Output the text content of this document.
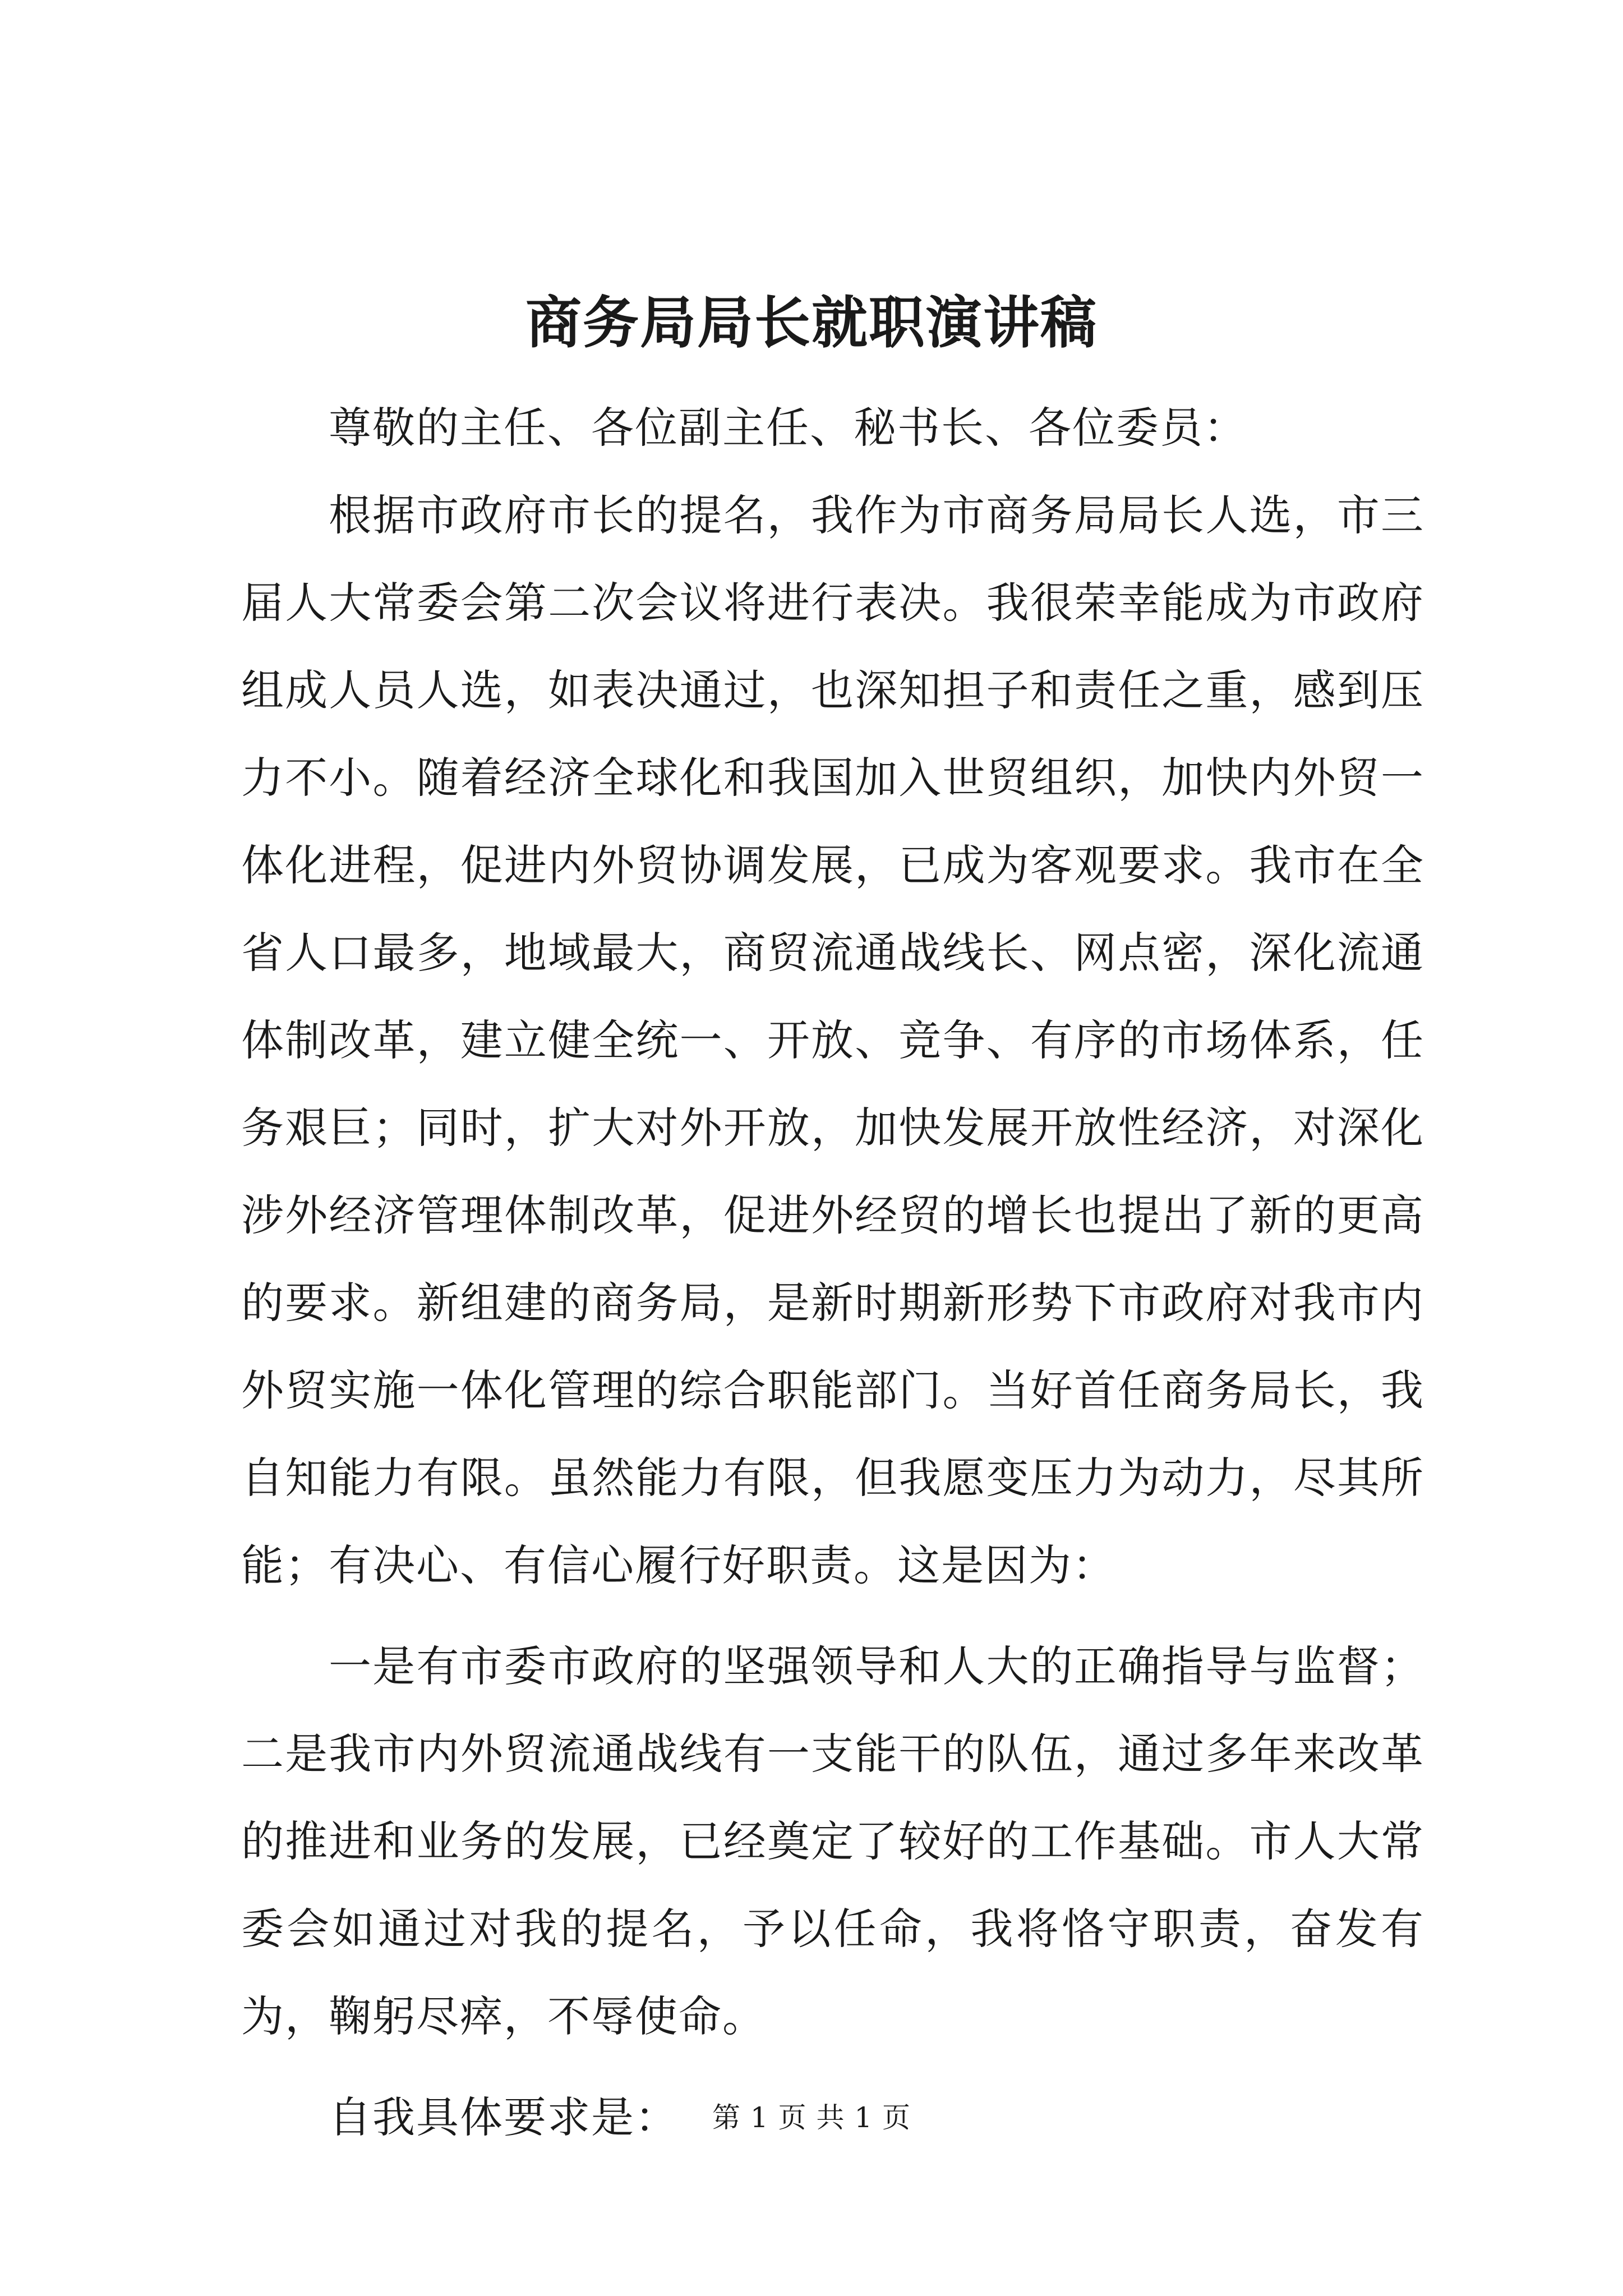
商务局局长就职演讲稿

尊敬的主任、各位副主任、秘书长、各位委员：

根据市政府市长的提名，我作为市商务局局长人选，市三届人大常委会第二次会议将进行表决。我很荣幸能成为市政府组成人员人选，如表决通过，也深知担子和责任之重，感到压力不小。随着经济全球化和我国加入世贸组织，加快内外贸一体化进程，促进内外贸协调发展，已成为客观要求。我市在全省人口最多，地域最大，商贸流通战线长、网点密，深化流通体制改革，建立健全统一、开放、竞争、有序的市场体系，任务艰巨；同时，扩大对外开放，加快发展开放性经济，对深化涉外经济管理体制改革，促进外经贸的增长也提出了新的更高的要求。新组建的商务局，是新时期新形势下市政府对我市内外贸实施一体化管理的综合职能部门。当好首任商务局长，我自知能力有限。虽然能力有限，但我愿变压力为动力，尽其所能；有决心、有信心履行好职责。这是因为：

一是有市委市政府的坚强领导和人大的正确指导与监督；二是我市内外贸流通战线有一支能干的队伍，通过多年来改革的推进和业务的发展，已经奠定了较好的工作基础。市人大常委会如通过对我的提名，予以任命，我将恪守职责，奋发有为，鞠躬尽瘁，不辱使命。

自我具体要求是：	第 1 页 共 1 页
